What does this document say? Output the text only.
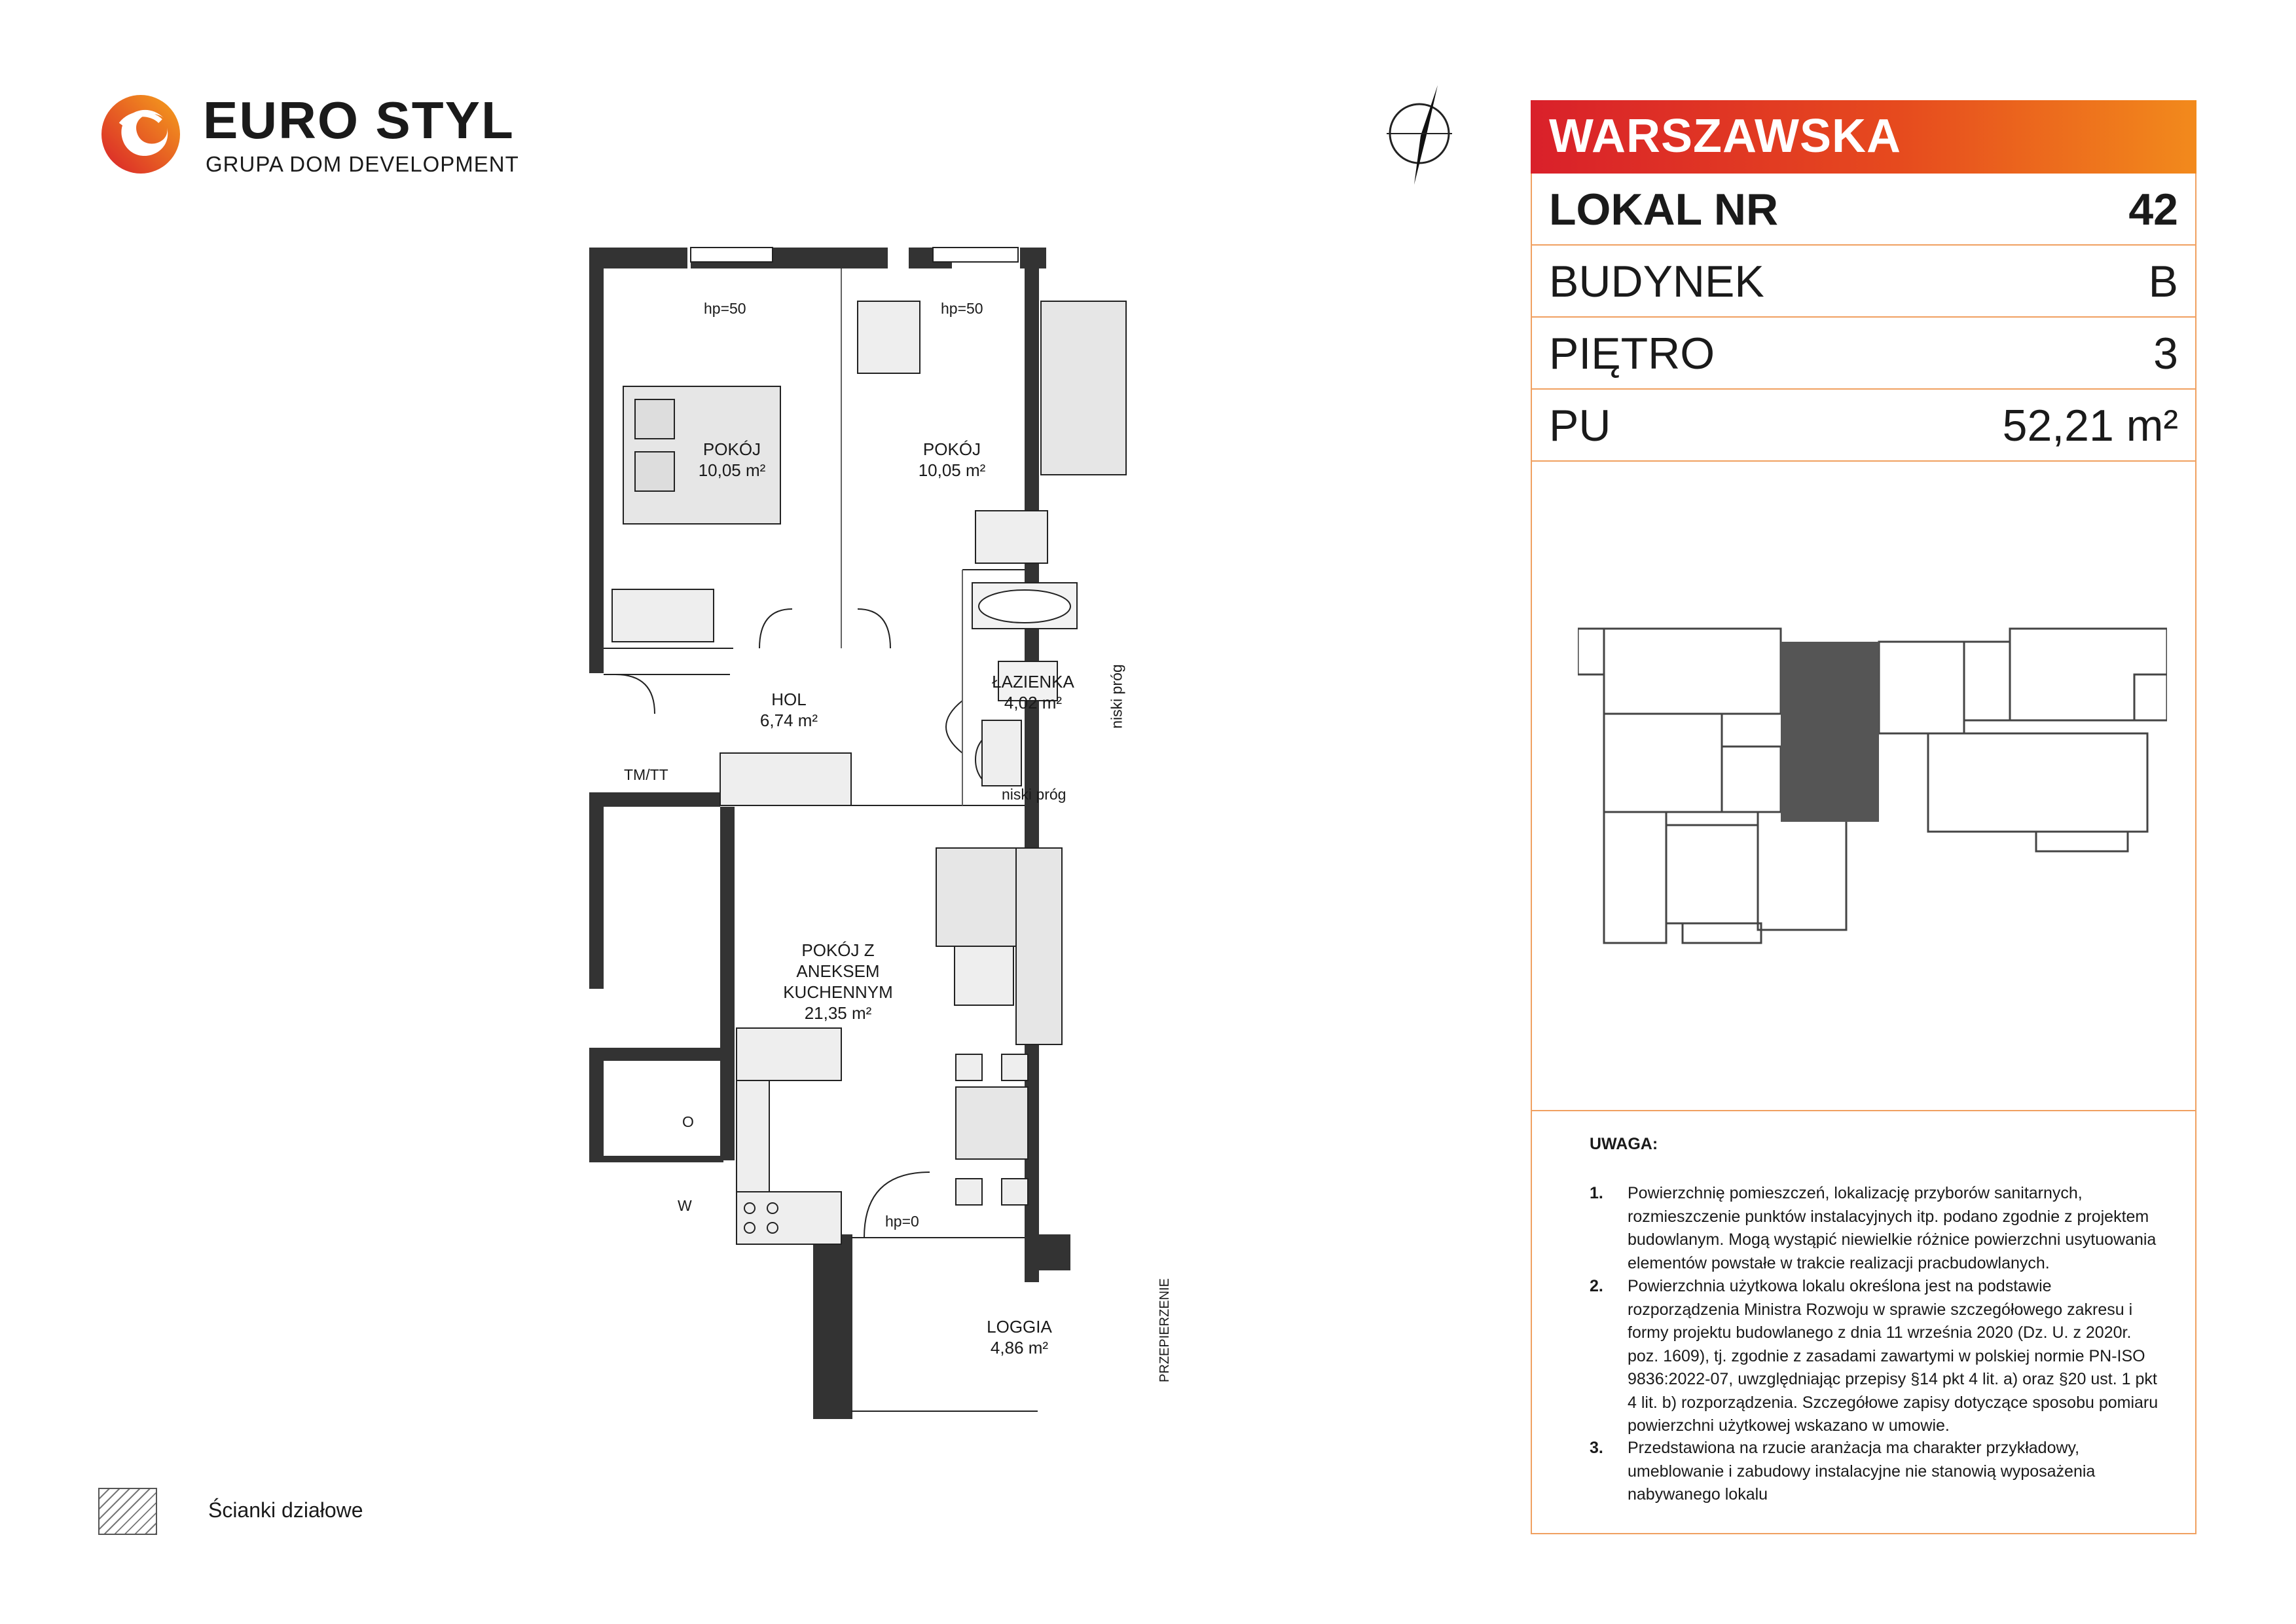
EURO STYL
GRUPA DOM DEVELOPMENT
POKÓJ
10,05 m²
POKÓJ
10,05 m²
HOL
6,74 m²
ŁAZIENKA
4,02 m²
POKÓJ Z ANEKSEM KUCHENNYM
21,35 m²
LOGGIA
4,86 m²
hp=50	hp=50
hp=0
TM/TT
niski próg
niski próg
PRZEPIERZENIE
O
W
WARSZAWSKA
LOKAL NR	42
BUDYNEK	B
PIĘTRO	3
PU	52,21 m²
UWAGA:
1. Powierzchnię pomieszczeń, lokalizację przyborów sanitarnych, rozmieszczenie punktów instalacyjnych itp. podano zgodnie z projektem budowlanym. Mogą wystąpić niewielkie różnice powierzchni usytuowania elementów powstałe w trakcie realizacji pracbudowlanych.
2. Powierzchnia użytkowa lokalu określona jest na podstawie rozporządzenia Ministra Rozwoju w sprawie szczegółowego zakresu i formy projektu budowlanego z dnia 11 września 2020 (Dz. U. z 2020r. poz. 1609), tj. zgodnie z zasadami zawartymi w polskiej normie PN-ISO 9836:2022-07, uwzględniając przepisy §14 pkt 4 lit. a) oraz §20 ust. 1 pkt 4 lit. b) rozporządzenia. Szczegółowe zapisy dotyczące sposobu pomiaru powierzchni użytkowej wskazano w umowie.
3. Przedstawiona na rzucie aranżacja ma charakter przykładowy, umeblowanie i zabudowy instalacyjne nie stanowią wyposażenia nabywanego lokalu
Ścianki działowe
